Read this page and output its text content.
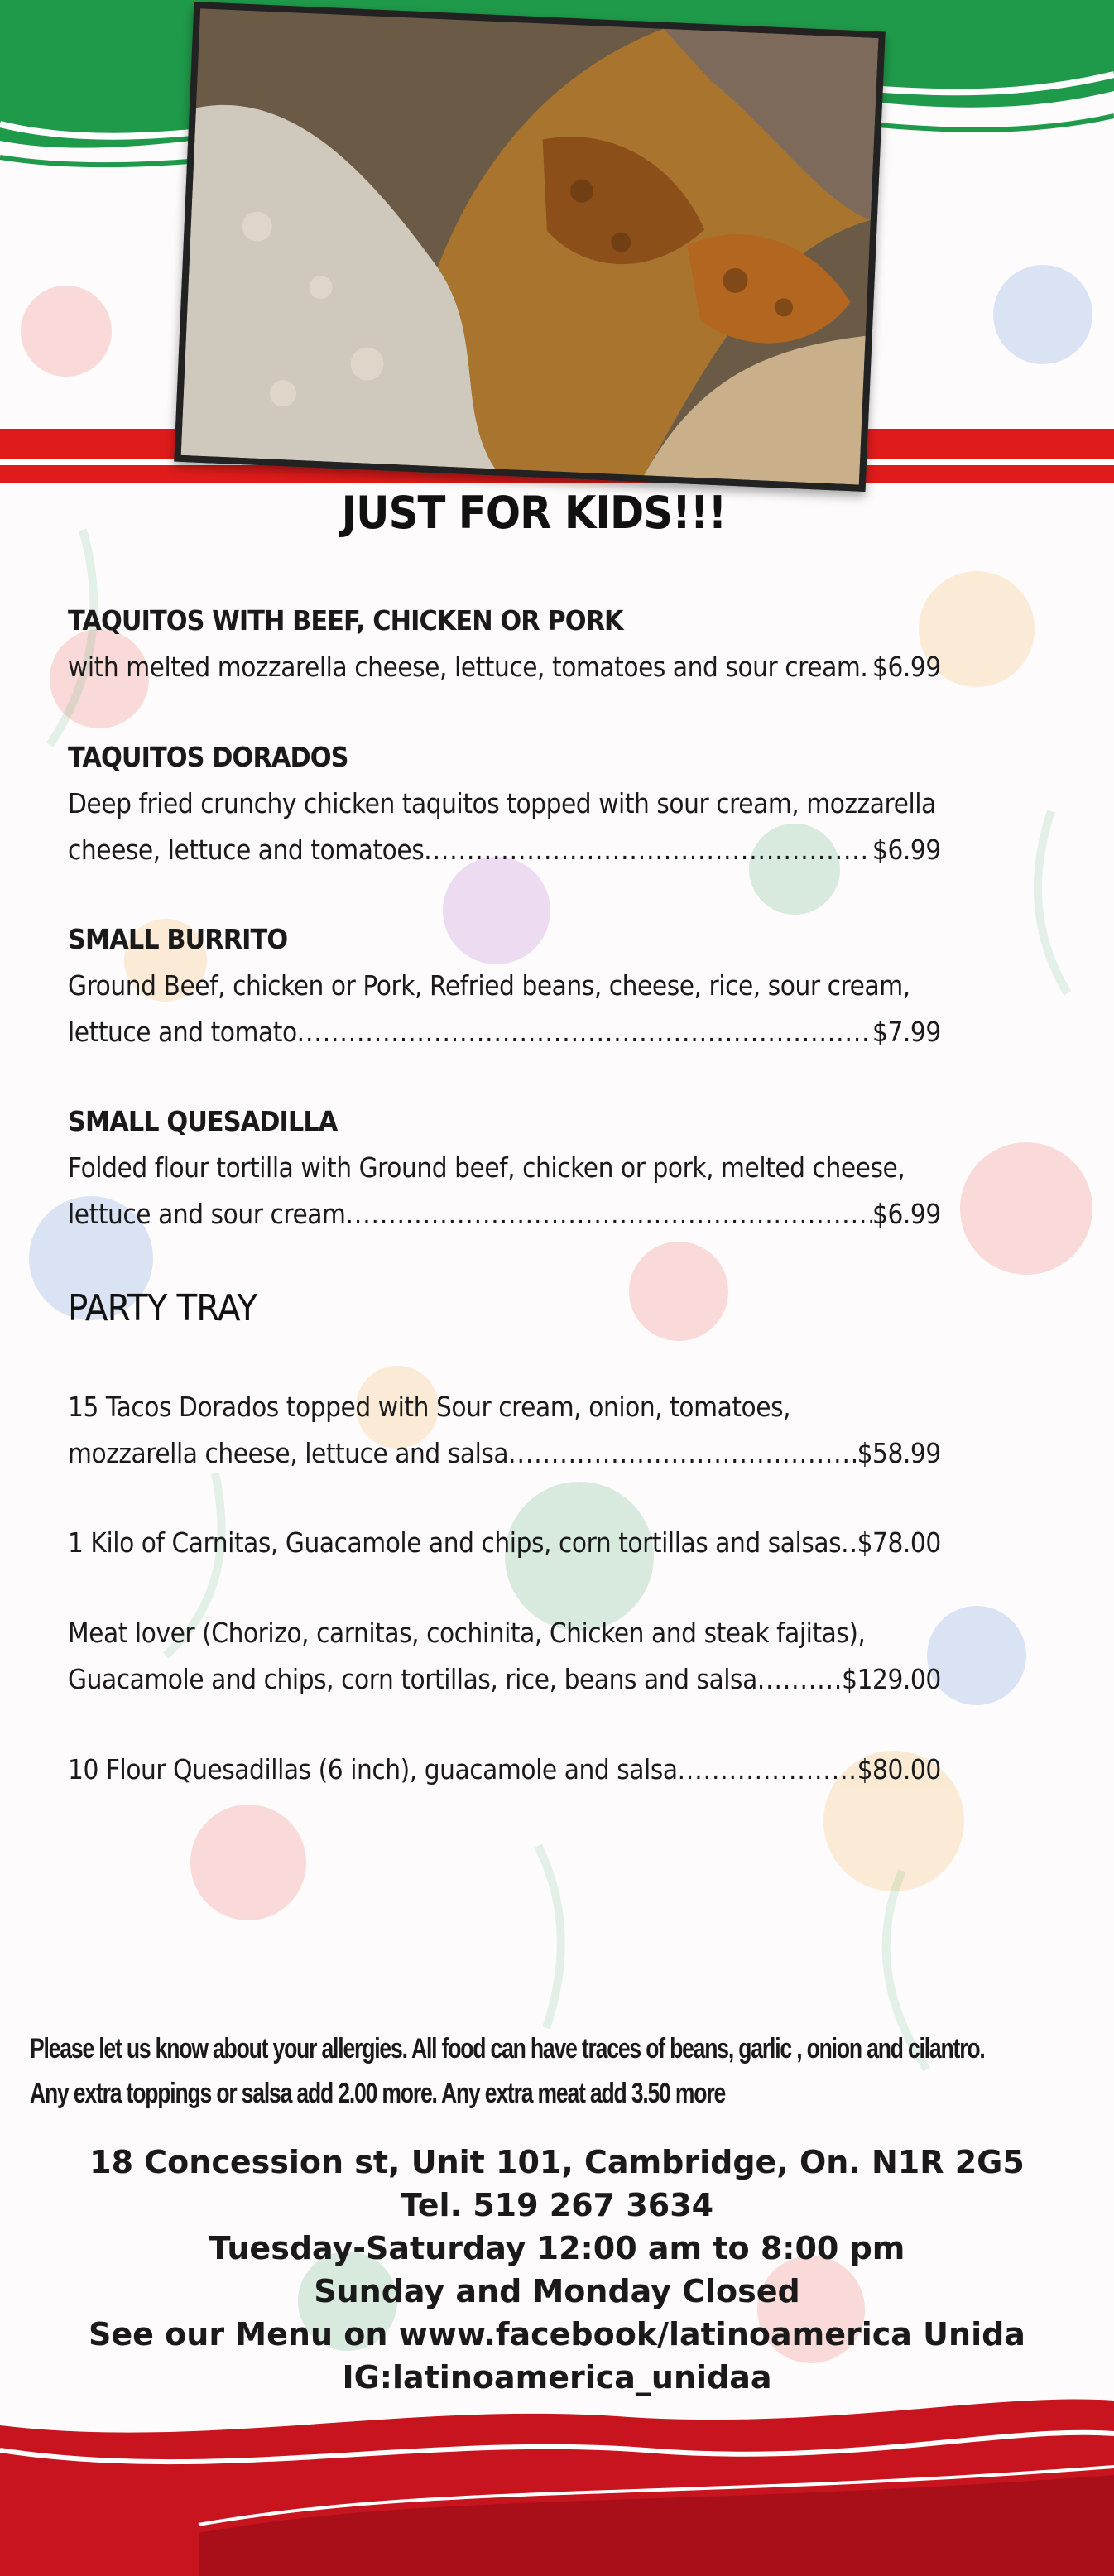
JUST FOR KIDS!!!
TAQUITOS WITH BEEF, CHICKEN OR PORK
with melted mozzarella cheese, lettuce, tomatoes and sour cream ..... $6.99
TAQUITOS DORADOS
Deep fried crunchy chicken taquitos topped with sour cream, mozzarella
cheese, lettuce and tomatoes .....	$6.99
SMALL BURRITO
Ground Beef, chicken or Pork, Refried beans, cheese, rice, sour cream,
lettuce and tomato .....	$7.99
SMALL QUESADILLA
Folded flour tortilla with Ground beef, chicken or pork, melted cheese,
lettuce and sour cream .....	$6.99
PARTY TRAY
15 Tacos Dorados topped with Sour cream, onion, tomatoes,
mozzarella cheese, lettuce and salsa .....	$58.99
1 Kilo of Carnitas, Guacamole and chips, corn tortillas and salsas ..... $78.00
Meat lover (Chorizo, carnitas, cochinita, Chicken and steak fajitas),
Guacamole and chips, corn tortillas, rice, beans and salsa .....	$129.00
10 Flour Quesadillas (6 inch), guacamole and salsa .....	$80.00
Please let us know about your allergies. All food can have traces of beans, garlic , onion and cilantro.
Any extra toppings or salsa add 2.00 more. Any extra meat add 3.50 more
18 Concession st, Unit 101, Cambridge, On. N1R 2G5
Tel. 519 267 3634
Tuesday-Saturday 12:00 am to 8:00 pm
Sunday and Monday Closed
See our Menu on www.facebook/latinoamerica Unida
IG:latinoamerica_unidaa
